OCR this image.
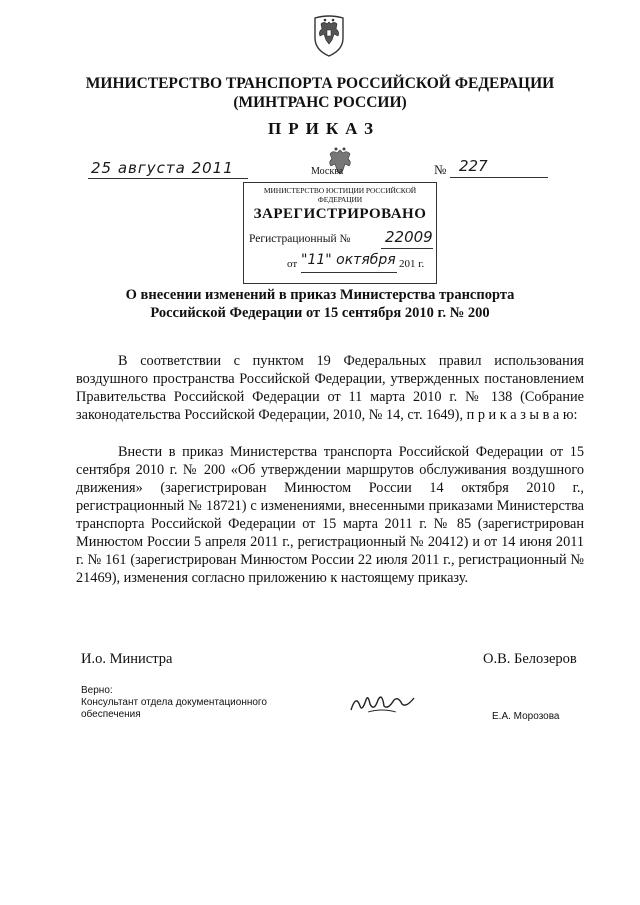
МИНИСТЕРСТВО ТРАНСПОРТА РОССИЙСКОЙ ФЕДЕРАЦИИ
(МИНТРАНС РОССИИ)
ПРИКАЗ
25 августа 2011	№ 227
Москва
МИНИСТЕРСТВО ЮСТИЦИИ РОССИЙСКОЙ ФЕДЕРАЦИИ
ЗАРЕГИСТРИРОВАНО
Регистрационный № 22009
от "11" октября 201 г.
О внесении изменений в приказ Министерства транспорта
Российской Федерации от 15 сентября 2010 г. № 200
В соответствии с пунктом 19 Федеральных правил использования воздушного пространства Российской Федерации, утвержденных постановлением Правительства Российской Федерации от 11 марта 2010 г. № 138 (Собрание законодательства Российской Федерации, 2010, № 14, ст. 1649), п р и к а з ы в а ю:
Внести в приказ Министерства транспорта Российской Федерации от 15 сентября 2010 г. № 200 «Об утверждении маршрутов обслуживания воздушного движения» (зарегистрирован Минюстом России 14 октября 2010 г., регистрационный № 18721) с изменениями, внесенными приказами Министерства транспорта Российской Федерации от 15 марта 2011 г. № 85 (зарегистрирован Минюстом России 5 апреля 2011 г., регистрационный № 20412) и от 14 июня 2011 г. № 161 (зарегистрирован Минюстом России 22 июля 2011 г., регистрационный № 21469), изменения согласно приложению к настоящему приказу.
И.о. Министра	О.В. Белозеров
Верно:
Консультант отдела документационного
обеспечения	Е.А. Морозова
